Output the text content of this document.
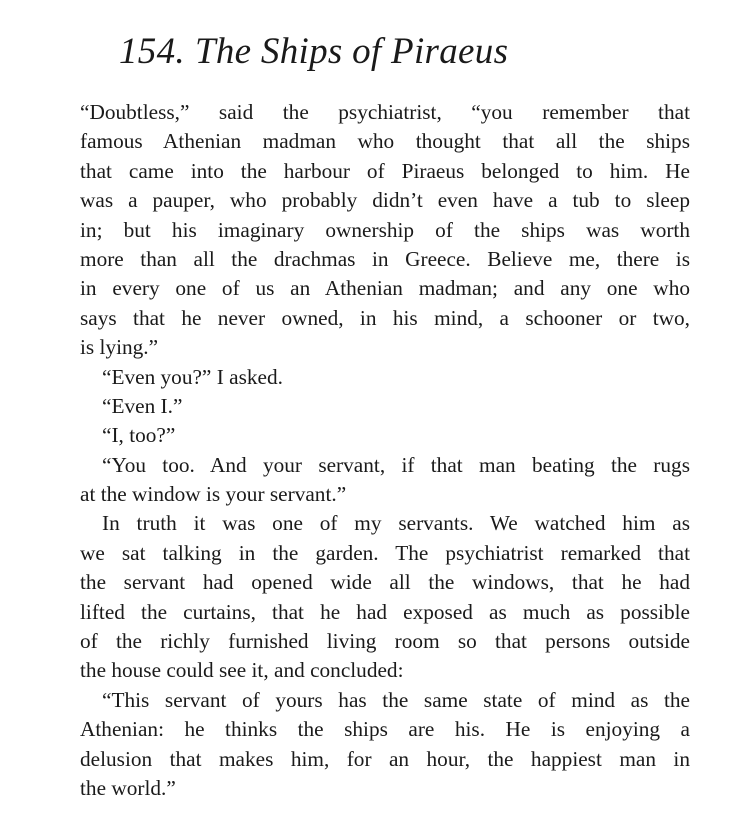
154. The Ships of Piraeus
“Doubtless,” said the psychiatrist, “you remember that
famous Athenian madman who thought that all the ships
that came into the harbour of Piraeus belonged to him. He
was a pauper, who probably didn’t even have a tub to sleep
in; but his imaginary ownership of the ships was worth
more than all the drachmas in Greece. Believe me, there is
in every one of us an Athenian madman; and any one who
says that he never owned, in his mind, a schooner or two,
is lying.”
“Even you?” I asked.
“Even I.”
“I, too?”
“You too. And your servant, if that man beating the rugs
at the window is your servant.”
In truth it was one of my servants. We watched him as
we sat talking in the garden. The psychiatrist remarked that
the servant had opened wide all the windows, that he had
lifted the curtains, that he had exposed as much as possible
of the richly furnished living room so that persons outside
the house could see it, and concluded:
“This servant of yours has the same state of mind as the
Athenian: he thinks the ships are his. He is enjoying a
delusion that makes him, for an hour, the happiest man in
the world.”
